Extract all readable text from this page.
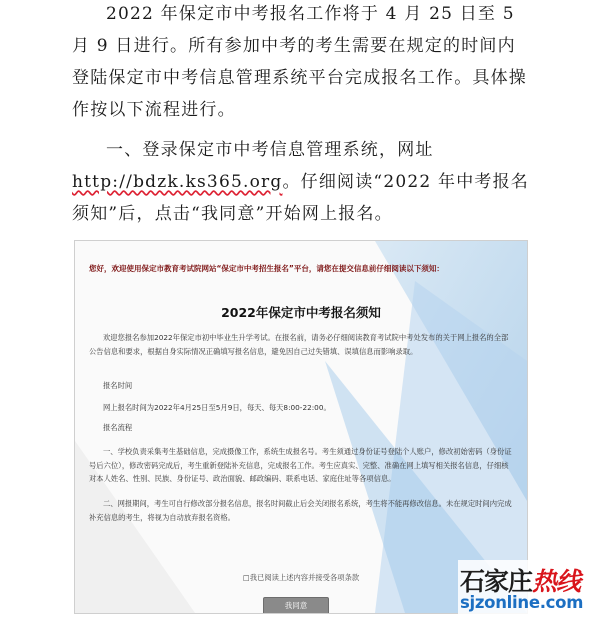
2022 年保定市中考报名工作将于 4 月 25 日至 5 月 9 日进行。所有参加中考的考生需要在规定的时间内登陆保定市中考信息管理系统平台完成报名工作。具体操作按以下流程进行。
一、登录保定市中考信息管理系统，网址 http://bdzk.ks365.org。仔细阅读“2022 年中考报名须知”后，点击“我同意”开始网上报名。
您好，欢迎使用保定市教育考试院网站“保定市中考招生报名”平台，请您在提交信息前仔细阅读以下须知：
2022年保定市中考报名须知
欢迎您报名参加2022年保定市初中毕业生升学考试。在报名前，请务必仔细阅读教育考试院中考处发布的关于网上报名的全部公告信息和要求，根据自身实际情况正确填写报名信息，避免因自己过失错填、误填信息而影响录取。
报名时间
网上报名时间为2022年4月25日至5月9日，每天、每天8:00-22:00。
报名流程
一、学校负责采集考生基础信息，完成摄像工作，系统生成报名号。考生须通过身份证号登陆个人账户，修改初始密码（身份证号后六位），修改密码完成后，考生重新登陆补充信息，完成报名工作。考生应真实、完整、准确在网上填写相关报名信息，仔细核对本人姓名、性别、民族、身份证号、政治面貌、邮政编码、联系电话、家庭住址等各项信息。
二、网报期间，考生可自行修改部分报名信息，报名时间截止后会关闭报名系统，考生将不能再修改信息。未在规定时间内完成补充信息的考生，将视为自动放弃报名资格。
□我已阅读上述内容并接受各项条款
我同意
石家庄热线
sjzonline.com
